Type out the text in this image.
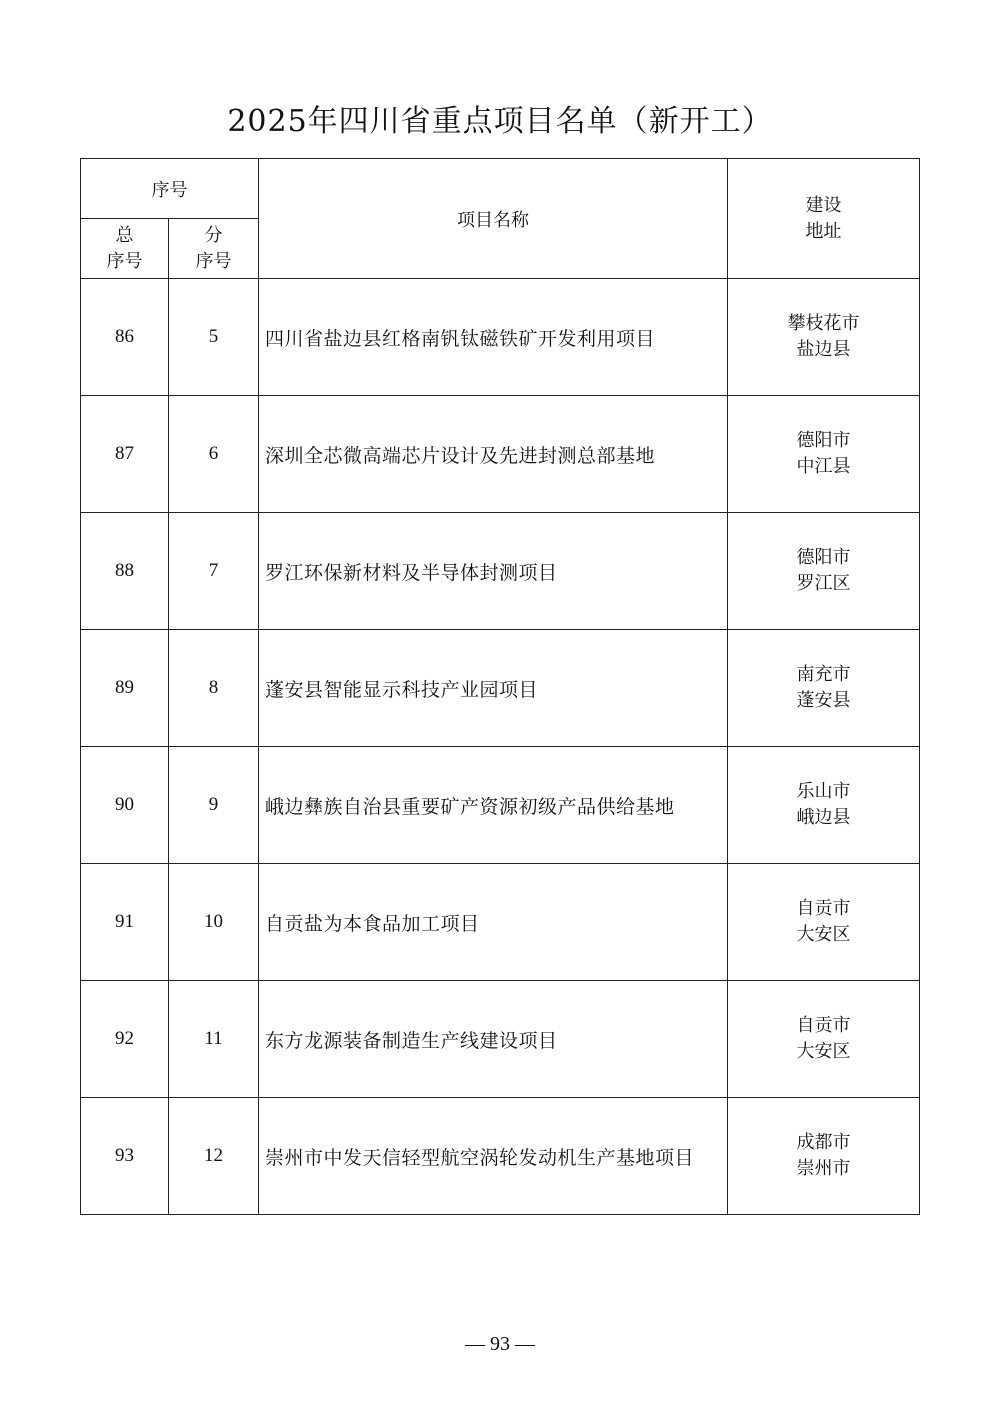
2025年四川省重点项目名单（新开工）
序号		项目名称	建设
地址

总
序号	分
序号		

86	5	四川省盐边县红格南钒钛磁铁矿开发利用项目	攀枝花市
盐边县

87	6	深圳全芯微高端芯片设计及先进封测总部基地	德阳市
中江县

88	7	罗江环保新材料及半导体封测项目	德阳市
罗江区

89	8	蓬安县智能显示科技产业园项目	南充市
蓬安县

90	9	峨边彝族自治县重要矿产资源初级产品供给基地	乐山市
峨边县

91	10	自贡盐为本食品加工项目	自贡市
大安区

92	11	东方龙源装备制造生产线建设项目	自贡市
大安区

93	12	崇州市中发天信轻型航空涡轮发动机生产基地项目	成都市
崇州市
— 93 —
